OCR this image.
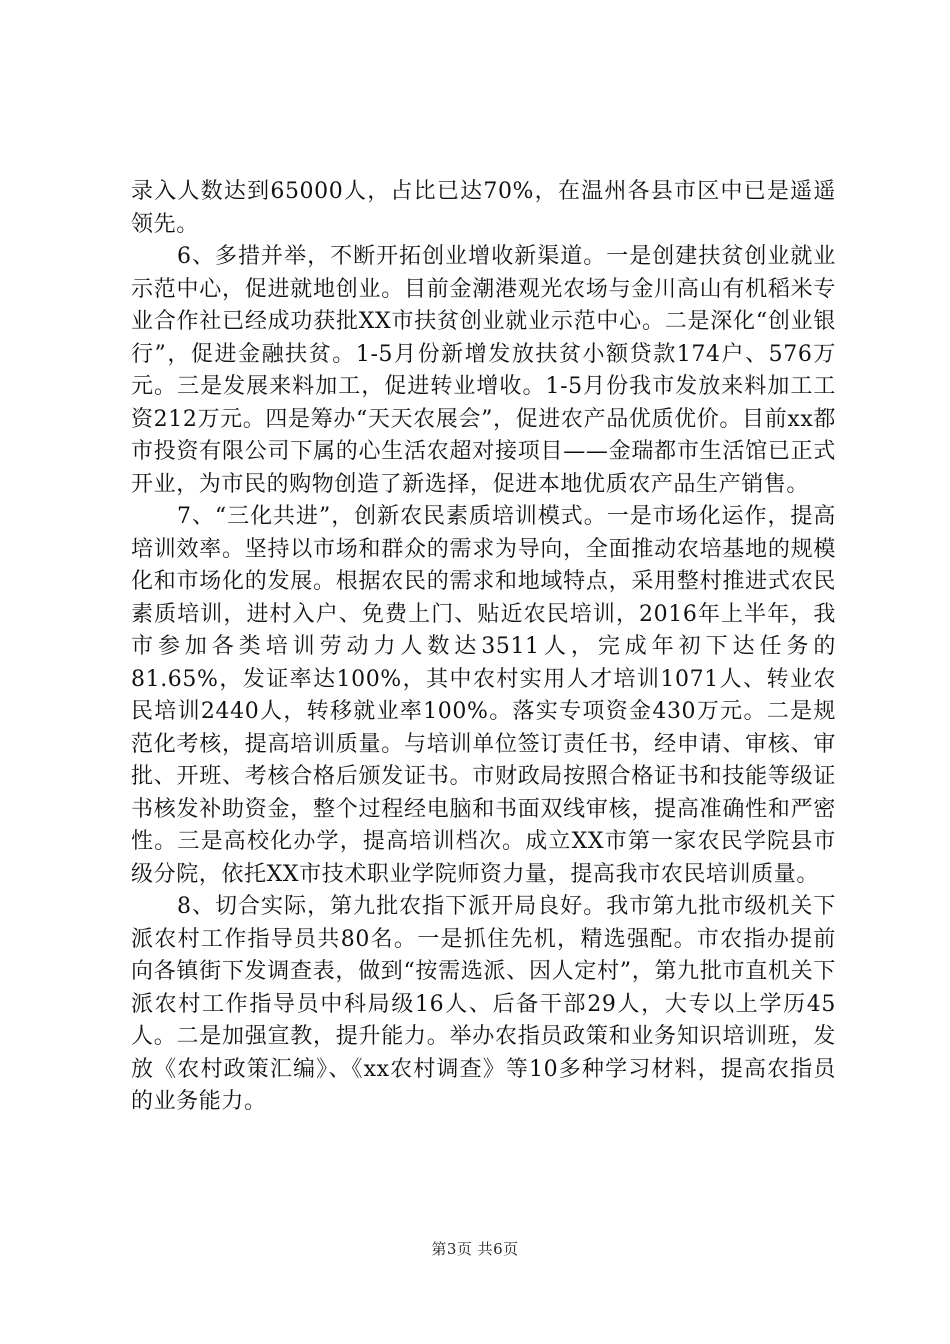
录入人数达到65000人，占比已达70%，在温州各县市区中已是遥遥领先。

6、多措并举，不断开拓创业增收新渠道。一是创建扶贫创业就业示范中心，促进就地创业。目前金潮港观光农场与金川高山有机稻米专业合作社已经成功获批XX市扶贫创业就业示范中心。二是深化“创业银行”，促进金融扶贫。1-5月份新增发放扶贫小额贷款174户、576万元。三是发展来料加工，促进转业增收。1-5月份我市发放来料加工工资212万元。四是筹办“天天农展会”，促进农产品优质优价。目前xx都市投资有限公司下属的心生活农超对接项目——金瑞都市生活馆已正式开业，为市民的购物创造了新选择，促进本地优质农产品生产销售。

7、“三化共进”，创新农民素质培训模式。一是市场化运作，提高培训效率。坚持以市场和群众的需求为导向，全面推动农培基地的规模化和市场化的发展。根据农民的需求和地域特点，采用整村推进式农民素质培训，进村入户、免费上门、贴近农民培训，2016年上半年，我市参加各类培训劳动力人数达3511人，完成年初下达任务的81.65%，发证率达100%，其中农村实用人才培训1071人、转业农民培训2440人，转移就业率100%。落实专项资金430万元。二是规范化考核，提高培训质量。与培训单位签订责任书，经申请、审核、审批、开班、考核合格后颁发证书。市财政局按照合格证书和技能等级证书核发补助资金，整个过程经电脑和书面双线审核，提高准确性和严密性。三是高校化办学，提高培训档次。成立XX市第一家农民学院县市级分院，依托XX市技术职业学院师资力量，提高我市农民培训质量。

8、切合实际，第九批农指下派开局良好。我市第九批市级机关下派农村工作指导员共80名。一是抓住先机，精选强配。市农指办提前向各镇街下发调查表，做到“按需选派、因人定村”，第九批市直机关下派农村工作指导员中科局级16人、后备干部29人，大专以上学历45人。二是加强宣教，提升能力。举办农指员政策和业务知识培训班，发放《农村政策汇编》、《xx农村调查》等10多种学习材料，提高农指员的业务能力。

第3页 共6页
